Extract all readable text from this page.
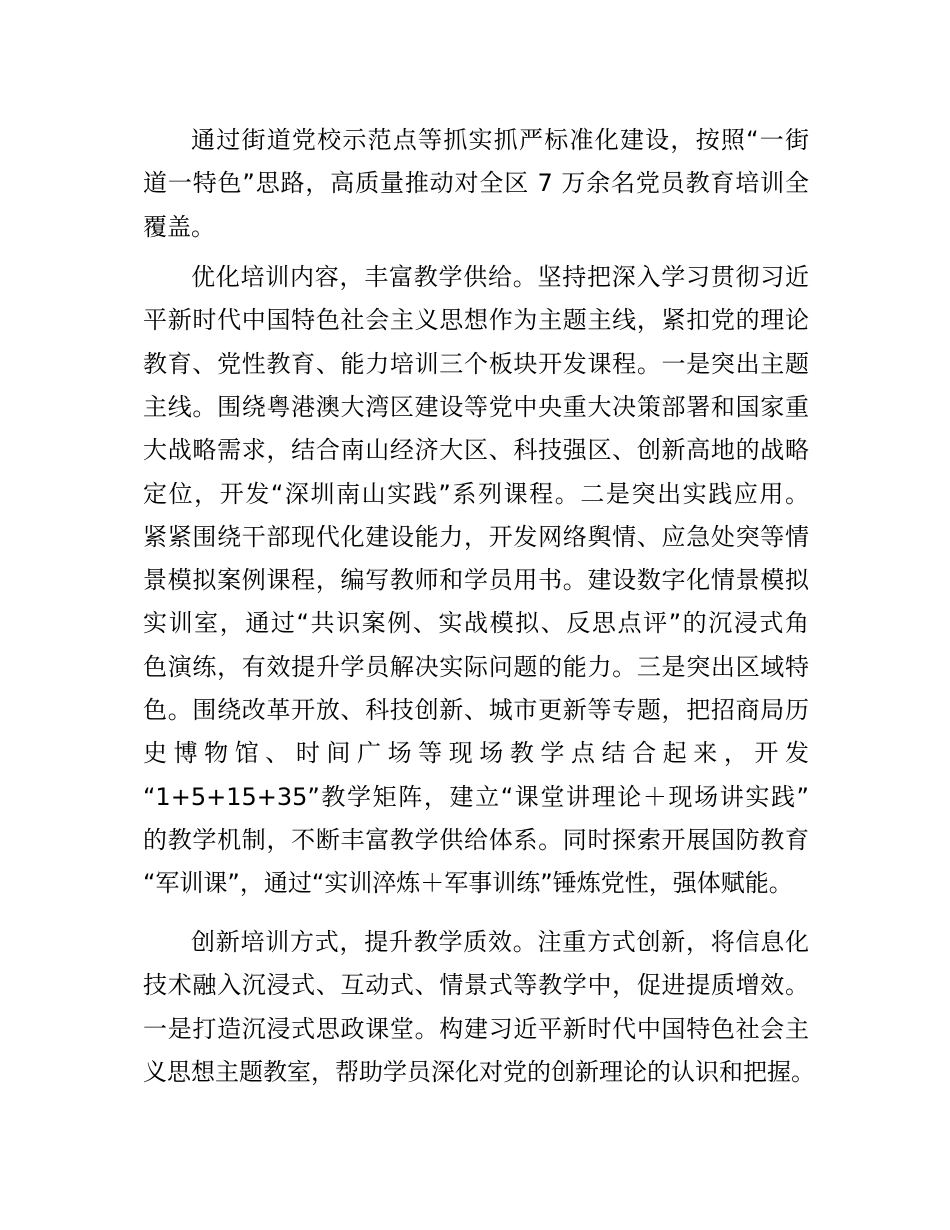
通过街道党校示范点等抓实抓严标准化建设，按照“一街
道一特色”思路，高质量推动对全区 7 万余名党员教育培训全
覆盖。
优化培训内容，丰富教学供给。坚持把深入学习贯彻习近
平新时代中国特色社会主义思想作为主题主线，紧扣党的理论
教育、党性教育、能力培训三个板块开发课程。一是突出主题
主线。围绕粤港澳大湾区建设等党中央重大决策部署和国家重
大战略需求，结合南山经济大区、科技强区、创新高地的战略
定位，开发“深圳南山实践”系列课程。二是突出实践应用。
紧紧围绕干部现代化建设能力，开发网络舆情、应急处突等情
景模拟案例课程，编写教师和学员用书。建设数字化情景模拟
实训室，通过“共识案例、实战模拟、反思点评”的沉浸式角
色演练，有效提升学员解决实际问题的能力。三是突出区域特
色。围绕改革开放、科技创新、城市更新等专题，把招商局历
史博物馆、时间广场等现场教学点结合起来，开发
“1+5+15+35”教学矩阵，建立“课堂讲理论＋现场讲实践”
的教学机制，不断丰富教学供给体系。同时探索开展国防教育
“军训课”，通过“实训淬炼＋军事训练”锤炼党性，强体赋能。
创新培训方式，提升教学质效。注重方式创新，将信息化
技术融入沉浸式、互动式、情景式等教学中，促进提质增效。
一是打造沉浸式思政课堂。构建习近平新时代中国特色社会主
义思想主题教室，帮助学员深化对党的创新理论的认识和把握。
